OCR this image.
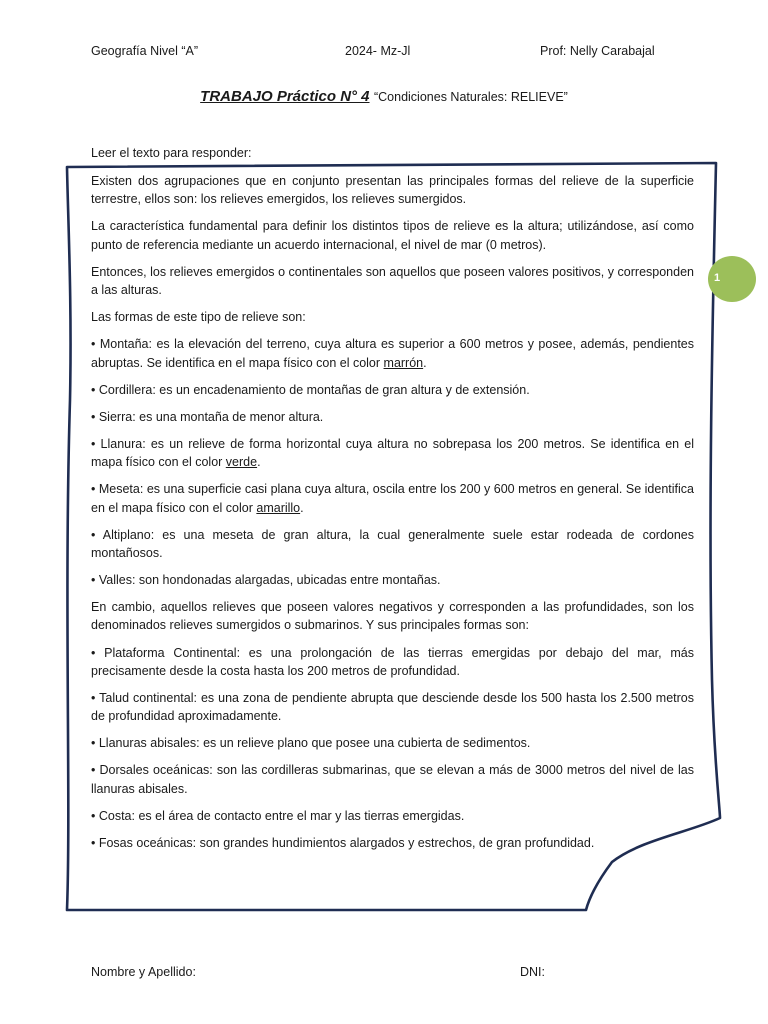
Geografía Nivel “A”	2024- Mz-Jl	Prof: Nelly Carabajal
TRABAJO Práctico N° 4 “Condiciones Naturales: RELIEVE”
Leer el texto para responder:

Existen dos agrupaciones que en conjunto presentan las principales formas del relieve de la superficie terrestre, ellos son: los relieves emergidos, los relieves sumergidos.

La característica fundamental para definir los distintos tipos de relieve es la altura; utilizándose, así como punto de referencia mediante un acuerdo internacional, el nivel de mar (0 metros).

Entonces, los relieves emergidos o continentales son aquellos que poseen valores positivos, y corresponden a las alturas.

Las formas de este tipo de relieve son:

• Montaña: es la elevación del terreno, cuya altura es superior a 600 metros y posee, además, pendientes abruptas. Se identifica en el mapa físico con el color marrón.

• Cordillera: es un encadenamiento de montañas de gran altura y de extensión.

• Sierra: es una montaña de menor altura.

• Llanura: es un relieve de forma horizontal cuya altura no sobrepasa los 200 metros. Se identifica en el mapa físico con el color verde.

• Meseta: es una superficie casi plana cuya altura, oscila entre los 200 y 600 metros en general. Se identifica en el mapa físico con el color amarillo.

• Altiplano: es una meseta de gran altura, la cual generalmente suele estar rodeada de cordones montañosos.

• Valles: son hondonadas alargadas, ubicadas entre montañas.

En cambio, aquellos relieves que poseen valores negativos y corresponden a las profundidades, son los denominados relieves sumergidos o submarinos. Y sus principales formas son:

• Plataforma Continental: es una prolongación de las tierras emergidas por debajo del mar, más precisamente desde la costa hasta los 200 metros de profundidad.

• Talud continental: es una zona de pendiente abrupta que desciende desde los 500 hasta los 2.500 metros de profundidad aproximadamente.

• Llanuras abisales: es un relieve plano que posee una cubierta de sedimentos.

• Dorsales oceánicas: son las cordilleras submarinas, que se elevan a más de 3000 metros del nivel de las llanuras abisales.

• Costa: es el área de contacto entre el mar y las tierras emergidas.

• Fosas oceánicas: son grandes hundimientos alargados y estrechos, de gran profundidad.

1
Nombre y Apellido:	DNI:
